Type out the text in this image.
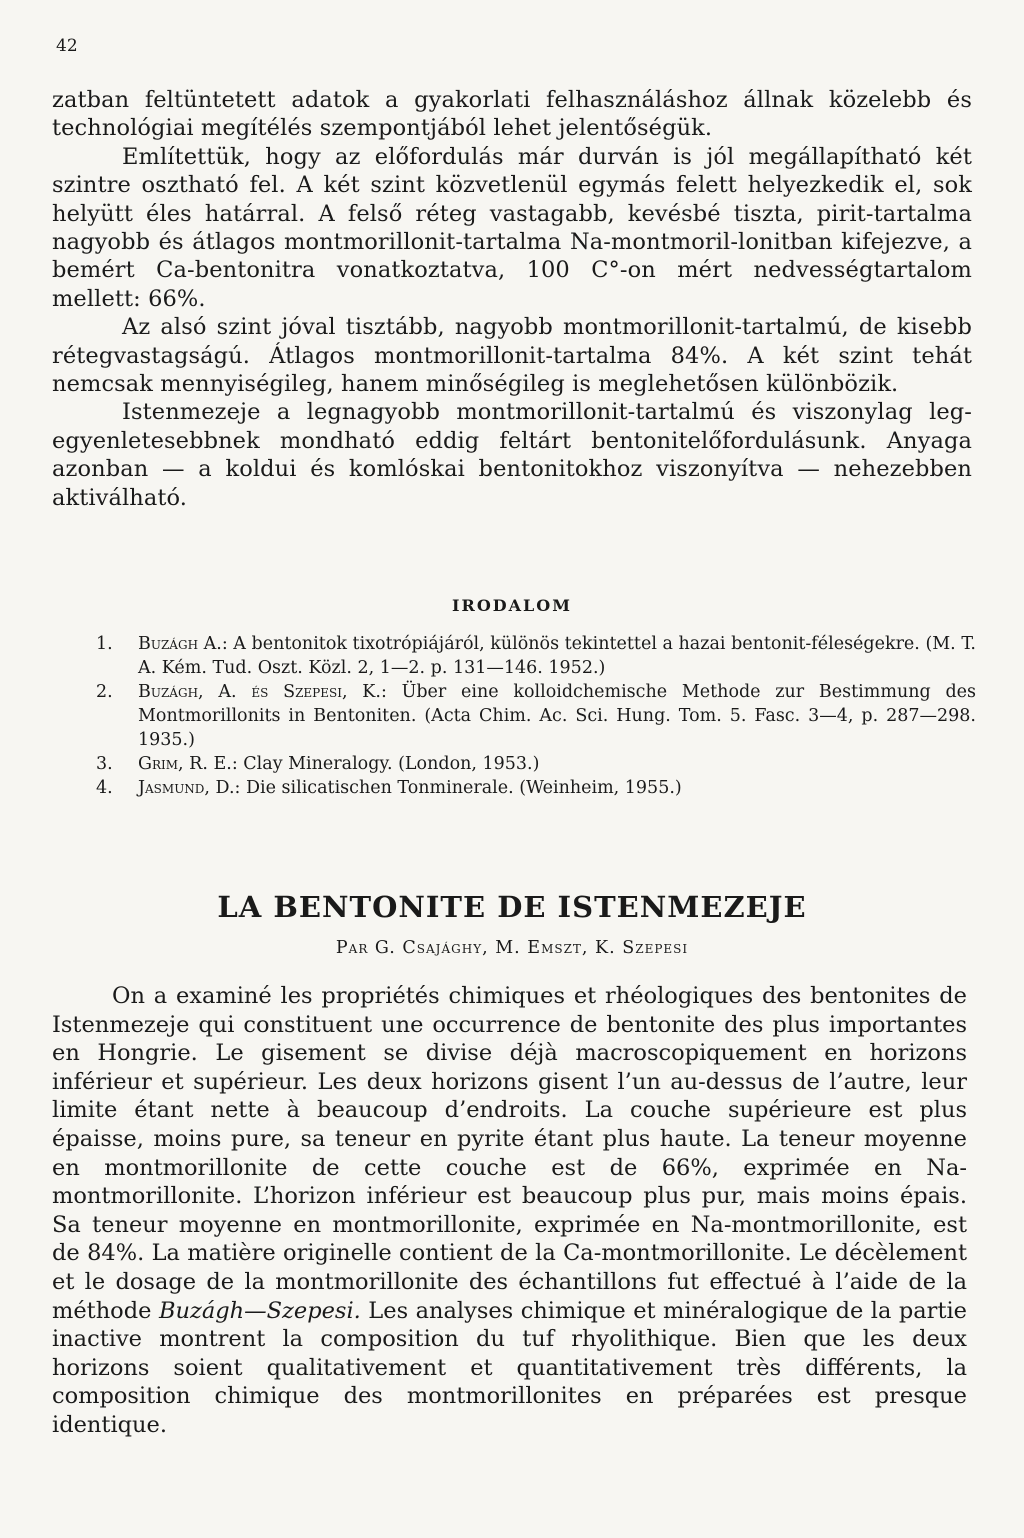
42

zatban feltüntetett adatok a gyakorlati felhasználáshoz állnak közelebb és technológiai megítélés szempontjából lehet jelentőségük.

Említettük, hogy az előfordulás már durván is jól megállapítható két szintre osztható fel. A két szint közvetlenül egymás felett helyezkedik el, sok helyütt éles határral. A felső réteg vastagabb, kevésbé tiszta, pirit-tartalma nagyobb és átlagos montmorillonit-tartalma Na-montmoril-lonitban kifejezve, a bemért Ca-bentonitra vonatkoztatva, 100 C°-on mért nedvességtartalom mellett: 66%.

Az alsó szint jóval tisztább, nagyobb montmorillonit-tartalmú, de kisebb rétegvastagságú. Átlagos montmorillonit-tartalma 84%. A két szint tehát nemcsak mennyiségileg, hanem minőségileg is meglehetősen különbözik.

Istenmezeje a legnagyobb montmorillonit-tartalmú és viszonylag leg-egyenletesebbnek mondható eddig feltárt bentonitelőfordulásunk. Anyaga azonban — a koldui és komlóskai bentonitokhoz viszonyítva — nehezebben aktiválható.

IRODALOM

1. Buzágh A.: A bentonitok tixotrópiájáról, különös tekintettel a hazai bentonit-féleségekre. (M. T. A. Kém. Tud. Oszt. Közl. 2, 1—2. p. 131—146. 1952.)

2. Buzágh, A. és Szepesi, K.: Über eine kolloidchemische Methode zur Bestimmung des Montmorillonits in Bentoniten. (Acta Chim. Ac. Sci. Hung. Tom. 5. Fasc. 3—4, p. 287—298. 1935.)

3. Grim, R. E.: Clay Mineralogy. (London, 1953.)

4. Jasmund, D.: Die silicatischen Tonminerale. (Weinheim, 1955.)

LA BENTONITE DE ISTENMEZEJE
Par G. Csajághy, M. Emszt, K. Szepesi

On a examiné les propriétés chimiques et rhéologiques des bentonites de Istenmezeje qui constituent une occurrence de bentonite des plus importantes en Hongrie. Le gisement se divise déjà macroscopiquement en horizons inférieur et supérieur. Les deux horizons gisent l’un au-dessus de l’autre, leur limite étant nette à beaucoup d’endroits. La couche supérieure est plus épaisse, moins pure, sa teneur en pyrite étant plus haute. La teneur moyenne en montmorillonite de cette couche est de 66%, exprimée en Na-montmorillonite. L’horizon inférieur est beaucoup plus pur, mais moins épais. Sa teneur moyenne en montmorillonite, exprimée en Na-montmorillonite, est de 84%. La matière originelle contient de la Ca-montmorillonite. Le décèlement et le dosage de la montmorillonite des échantillons fut effectué à l’aide de la méthode Buzágh—Szepesi. Les analyses chimique et minéralogique de la partie inactive montrent la composition du tuf rhyolithique. Bien que les deux horizons soient qualitativement et quantitativement très différents, la composition chimique des montmorillonites en préparées est presque identique.
